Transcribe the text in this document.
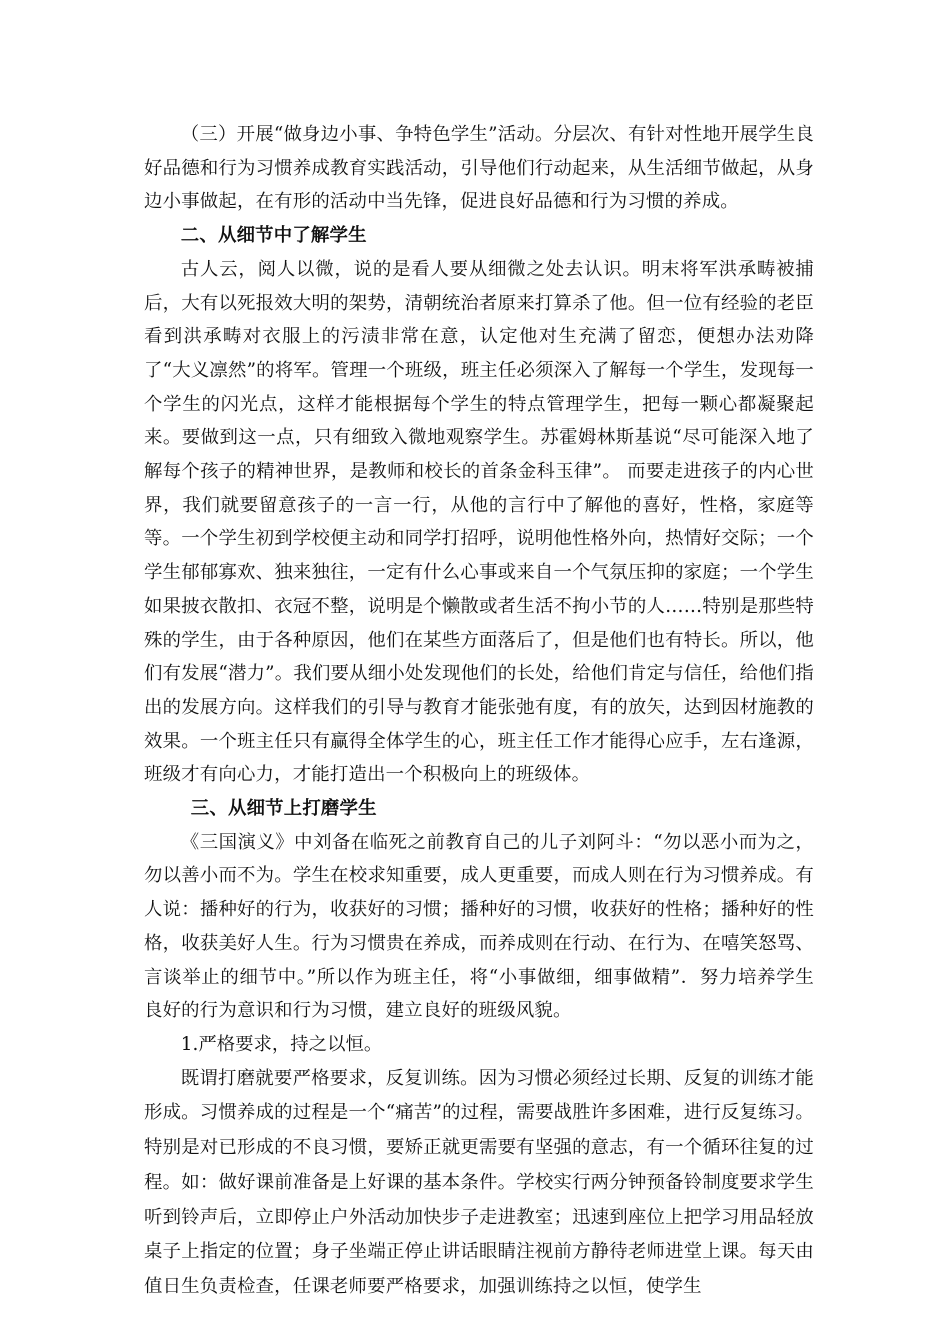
（三）开展“做身边小事、争特色学生”活动。分层次、有针对性地开展学生良好品德和行为习惯养成教育实践活动，引导他们行动起来，从生活细节做起，从身边小事做起，在有形的活动中当先锋，促进良好品德和行为习惯的养成。

二、从细节中了解学生

古人云，阅人以微，说的是看人要从细微之处去认识。明末将军洪承畴被捕后，大有以死报效大明的架势，清朝统治者原来打算杀了他。但一位有经验的老臣看到洪承畴对衣服上的污渍非常在意，认定他对生充满了留恋，便想办法劝降了“大义凛然”的将军。管理一个班级，班主任必须深入了解每一个学生，发现每一个学生的闪光点，这样才能根据每个学生的特点管理学生，把每一颗心都凝聚起来。要做到这一点，只有细致入微地观察学生。苏霍姆林斯基说“尽可能深入地了解每个孩子的精神世界，是教师和校长的首条金科玉律”。 而要走进孩子的内心世界，我们就要留意孩子的一言一行，从他的言行中了解他的喜好，性格，家庭等等。一个学生初到学校便主动和同学打招呼，说明他性格外向，热情好交际；一个学生郁郁寡欢、独来独往，一定有什么心事或来自一个气氛压抑的家庭；一个学生如果披衣散扣、衣冠不整，说明是个懒散或者生活不拘小节的人……特别是那些特殊的学生，由于各种原因，他们在某些方面落后了，但是他们也有特长。所以，他们有发展“潜力”。我们要从细小处发现他们的长处，给他们肯定与信任，给他们指出的发展方向。这样我们的引导与教育才能张弛有度，有的放矢，达到因材施教的效果。一个班主任只有赢得全体学生的心，班主任工作才能得心应手，左右逢源，班级才有向心力，才能打造出一个积极向上的班级体。

三、从细节上打磨学生

《三国演义》中刘备在临死之前教育自己的儿子刘阿斗：“勿以恶小而为之，勿以善小而不为。学生在校求知重要，成人更重要，而成人则在行为习惯养成。有人说：播种好的行为，收获好的习惯；播种好的习惯，收获好的性格；播种好的性格，收获美好人生。行为习惯贵在养成，而养成则在行动、在行为、在嘻笑怒骂、言谈举止的细节中。”所以作为班主任，将“小事做细，细事做精”．努力培养学生良好的行为意识和行为习惯，建立良好的班级风貌。

1.严格要求，持之以恒。

既谓打磨就要严格要求，反复训练。因为习惯必须经过长期、反复的训练才能形成。习惯养成的过程是一个“痛苦”的过程，需要战胜许多困难，进行反复练习。特别是对已形成的不良习惯，要矫正就更需要有坚强的意志，有一个循环往复的过程。如：做好课前准备是上好课的基本条件。学校实行两分钟预备铃制度要求学生听到铃声后，立即停止户外活动加快步子走进教室；迅速到座位上把学习用品轻放桌子上指定的位置；身子坐端正停止讲话眼睛注视前方静待老师进堂上课。每天由值日生负责检查，任课老师要严格要求，加强训练持之以恒，使学生
